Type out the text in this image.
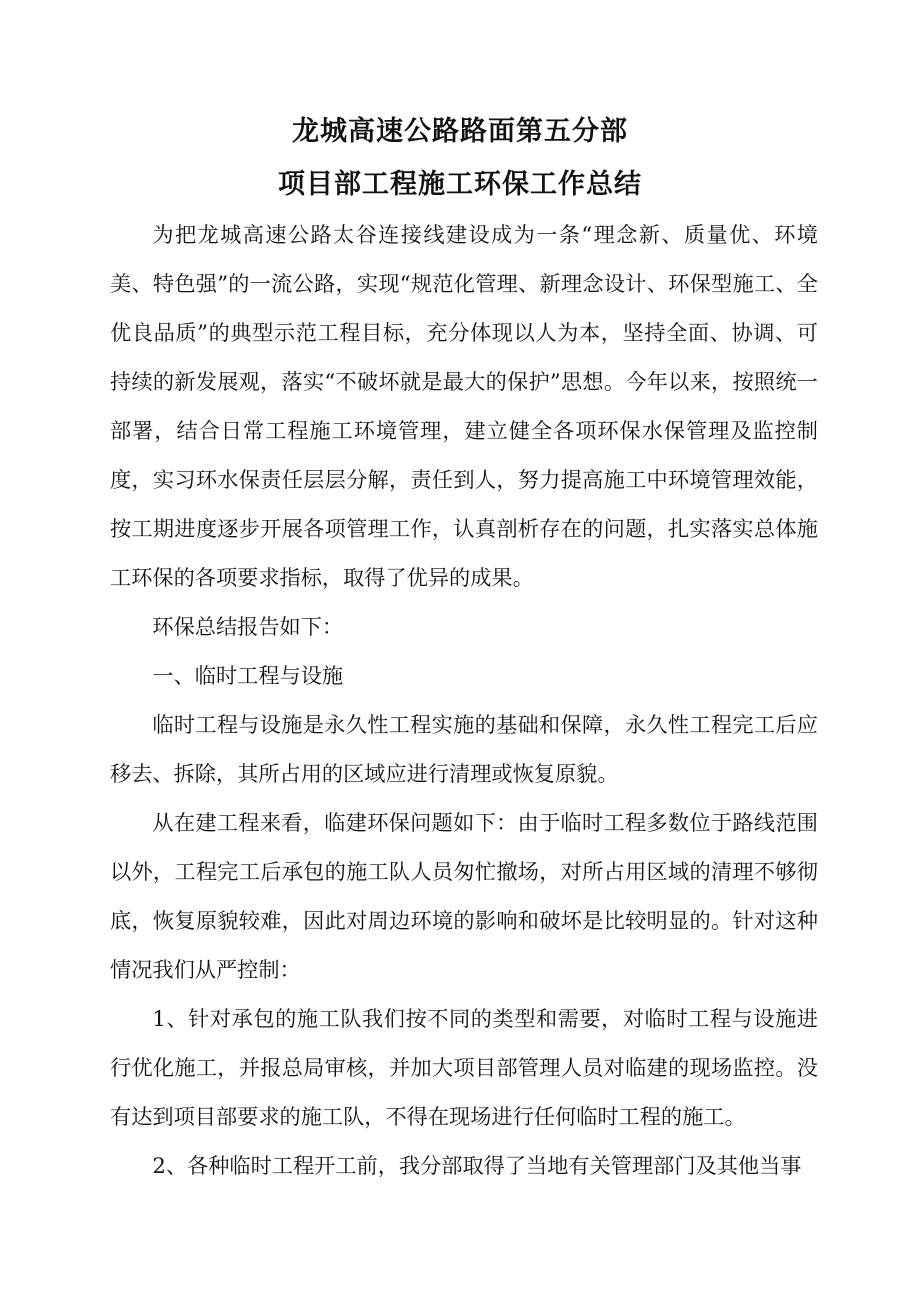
龙城高速公路路面第五分部
项目部工程施工环保工作总结

为把龙城高速公路太谷连接线建设成为一条“理念新、质量优、环境美、特色强”的一流公路，实现“规范化管理、新理念设计、环保型施工、全优良品质”的典型示范工程目标，充分体现以人为本，坚持全面、协调、可持续的新发展观，落实“不破坏就是最大的保护”思想。今年以来，按照统一部署，结合日常工程施工环境管理，建立健全各项环保水保管理及监控制度，实习环水保责任层层分解，责任到人，努力提高施工中环境管理效能，按工期进度逐步开展各项管理工作，认真剖析存在的问题，扎实落实总体施工环保的各项要求指标，取得了优异的成果。

环保总结报告如下：

一、临时工程与设施

临时工程与设施是永久性工程实施的基础和保障，永久性工程完工后应移去、拆除，其所占用的区域应进行清理或恢复原貌。

从在建工程来看，临建环保问题如下：由于临时工程多数位于路线范围以外，工程完工后承包的施工队人员匆忙撤场，对所占用区域的清理不够彻底，恢复原貌较难，因此对周边环境的影响和破坏是比较明显的。针对这种情况我们从严控制：

1、针对承包的施工队我们按不同的类型和需要，对临时工程与设施进行优化施工，并报总局审核，并加大项目部管理人员对临建的现场监控。没有达到项目部要求的施工队，不得在现场进行任何临时工程的施工。

2、各种临时工程开工前，我分部取得了当地有关管理部门及其他当事
